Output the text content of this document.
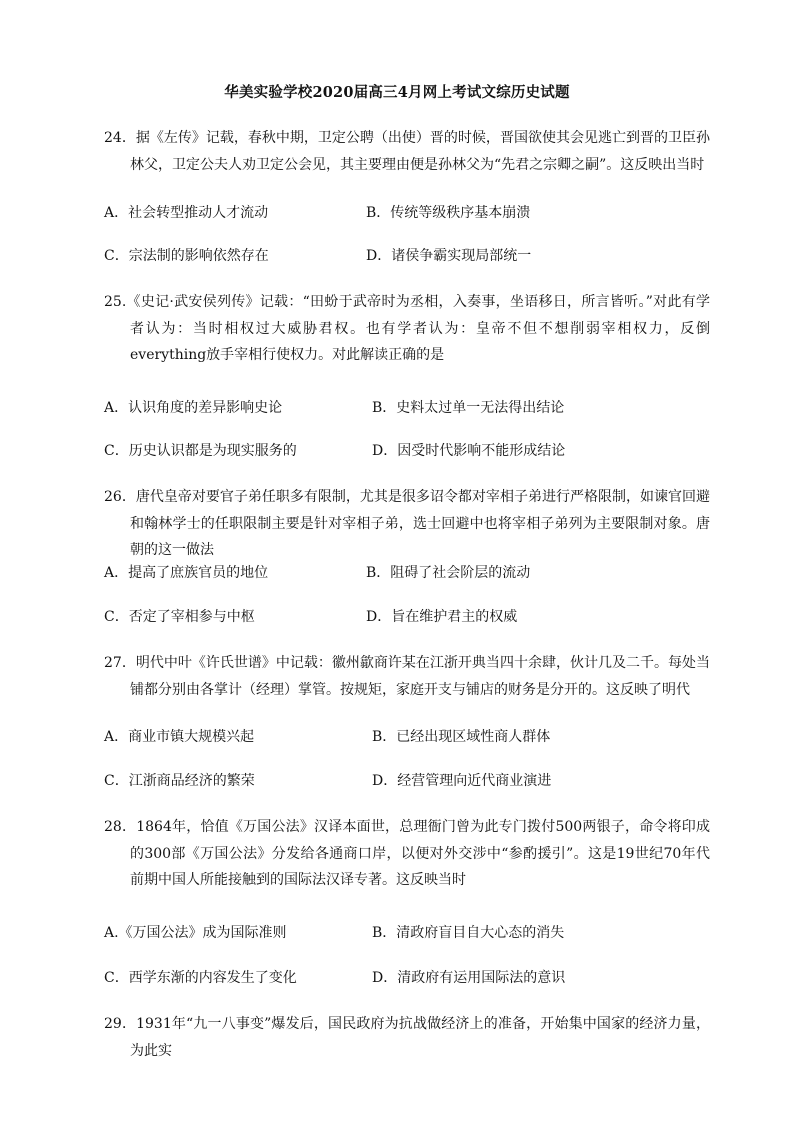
华美实验学校2020届高三4月网上考试文综历史试题
24．据《左传》记载，春秋中期，卫定公聘（出使）晋的时候，晋国欲使其会见逃亡到晋的卫臣孙林父，卫定公夫人劝卫定公会见，其主要理由便是孙林父为“先君之宗卿之嗣”。这反映出当时
A．社会转型推动人才流动	B．传统等级秩序基本崩溃
C．宗法制的影响依然存在	D．诸侯争霸实现局部统一
25.《史记·武安侯列传》记载：“田蚡于武帝时为丞相，入奏事，坐语移日，所言皆听。”对此有学者认为：当时相权过大威胁君权。也有学者认为：皇帝不但不想削弱宰相权力，反倒everything放手宰相行使权力。对此解读正确的是
A．认识角度的差异影响史论	B．史料太过单一无法得出结论
C．历史认识都是为现实服务的	D．因受时代影响不能形成结论
26．唐代皇帝对要官子弟任职多有限制，尤其是很多诏令都对宰相子弟进行严格限制，如谏官回避和翰林学士的任职限制主要是针对宰相子弟，选士回避中也将宰相子弟列为主要限制对象。唐朝的这一做法
A．提高了庶族官员的地位	B．阻碍了社会阶层的流动
C．否定了宰相参与中枢	D．旨在维护君主的权威
27．明代中叶《许氏世谱》中记载：徽州歙商许某在江浙开典当四十余肆，伙计几及二千。每处当铺都分别由各掌计（经理）掌管。按规矩，家庭开支与铺店的财务是分开的。这反映了明代
A．商业市镇大规模兴起	B．已经出现区域性商人群体
C．江浙商品经济的繁荣	D．经营管理向近代商业演进
28．1864年，恰值《万国公法》汉译本面世，总理衙门曾为此专门拨付500两银子，命令将印成的300部《万国公法》分发给各通商口岸，以便对外交涉中“参酌援引”。这是19世纪70年代前期中国人所能接触到的国际法汉译专著。这反映当时
A.《万国公法》成为国际准则	B．清政府盲目自大心态的消失
C．西学东渐的内容发生了变化	D．清政府有运用国际法的意识
29．1931年“九一八事变”爆发后，国民政府为抗战做经济上的准备，开始集中国家的经济力量，为此实
